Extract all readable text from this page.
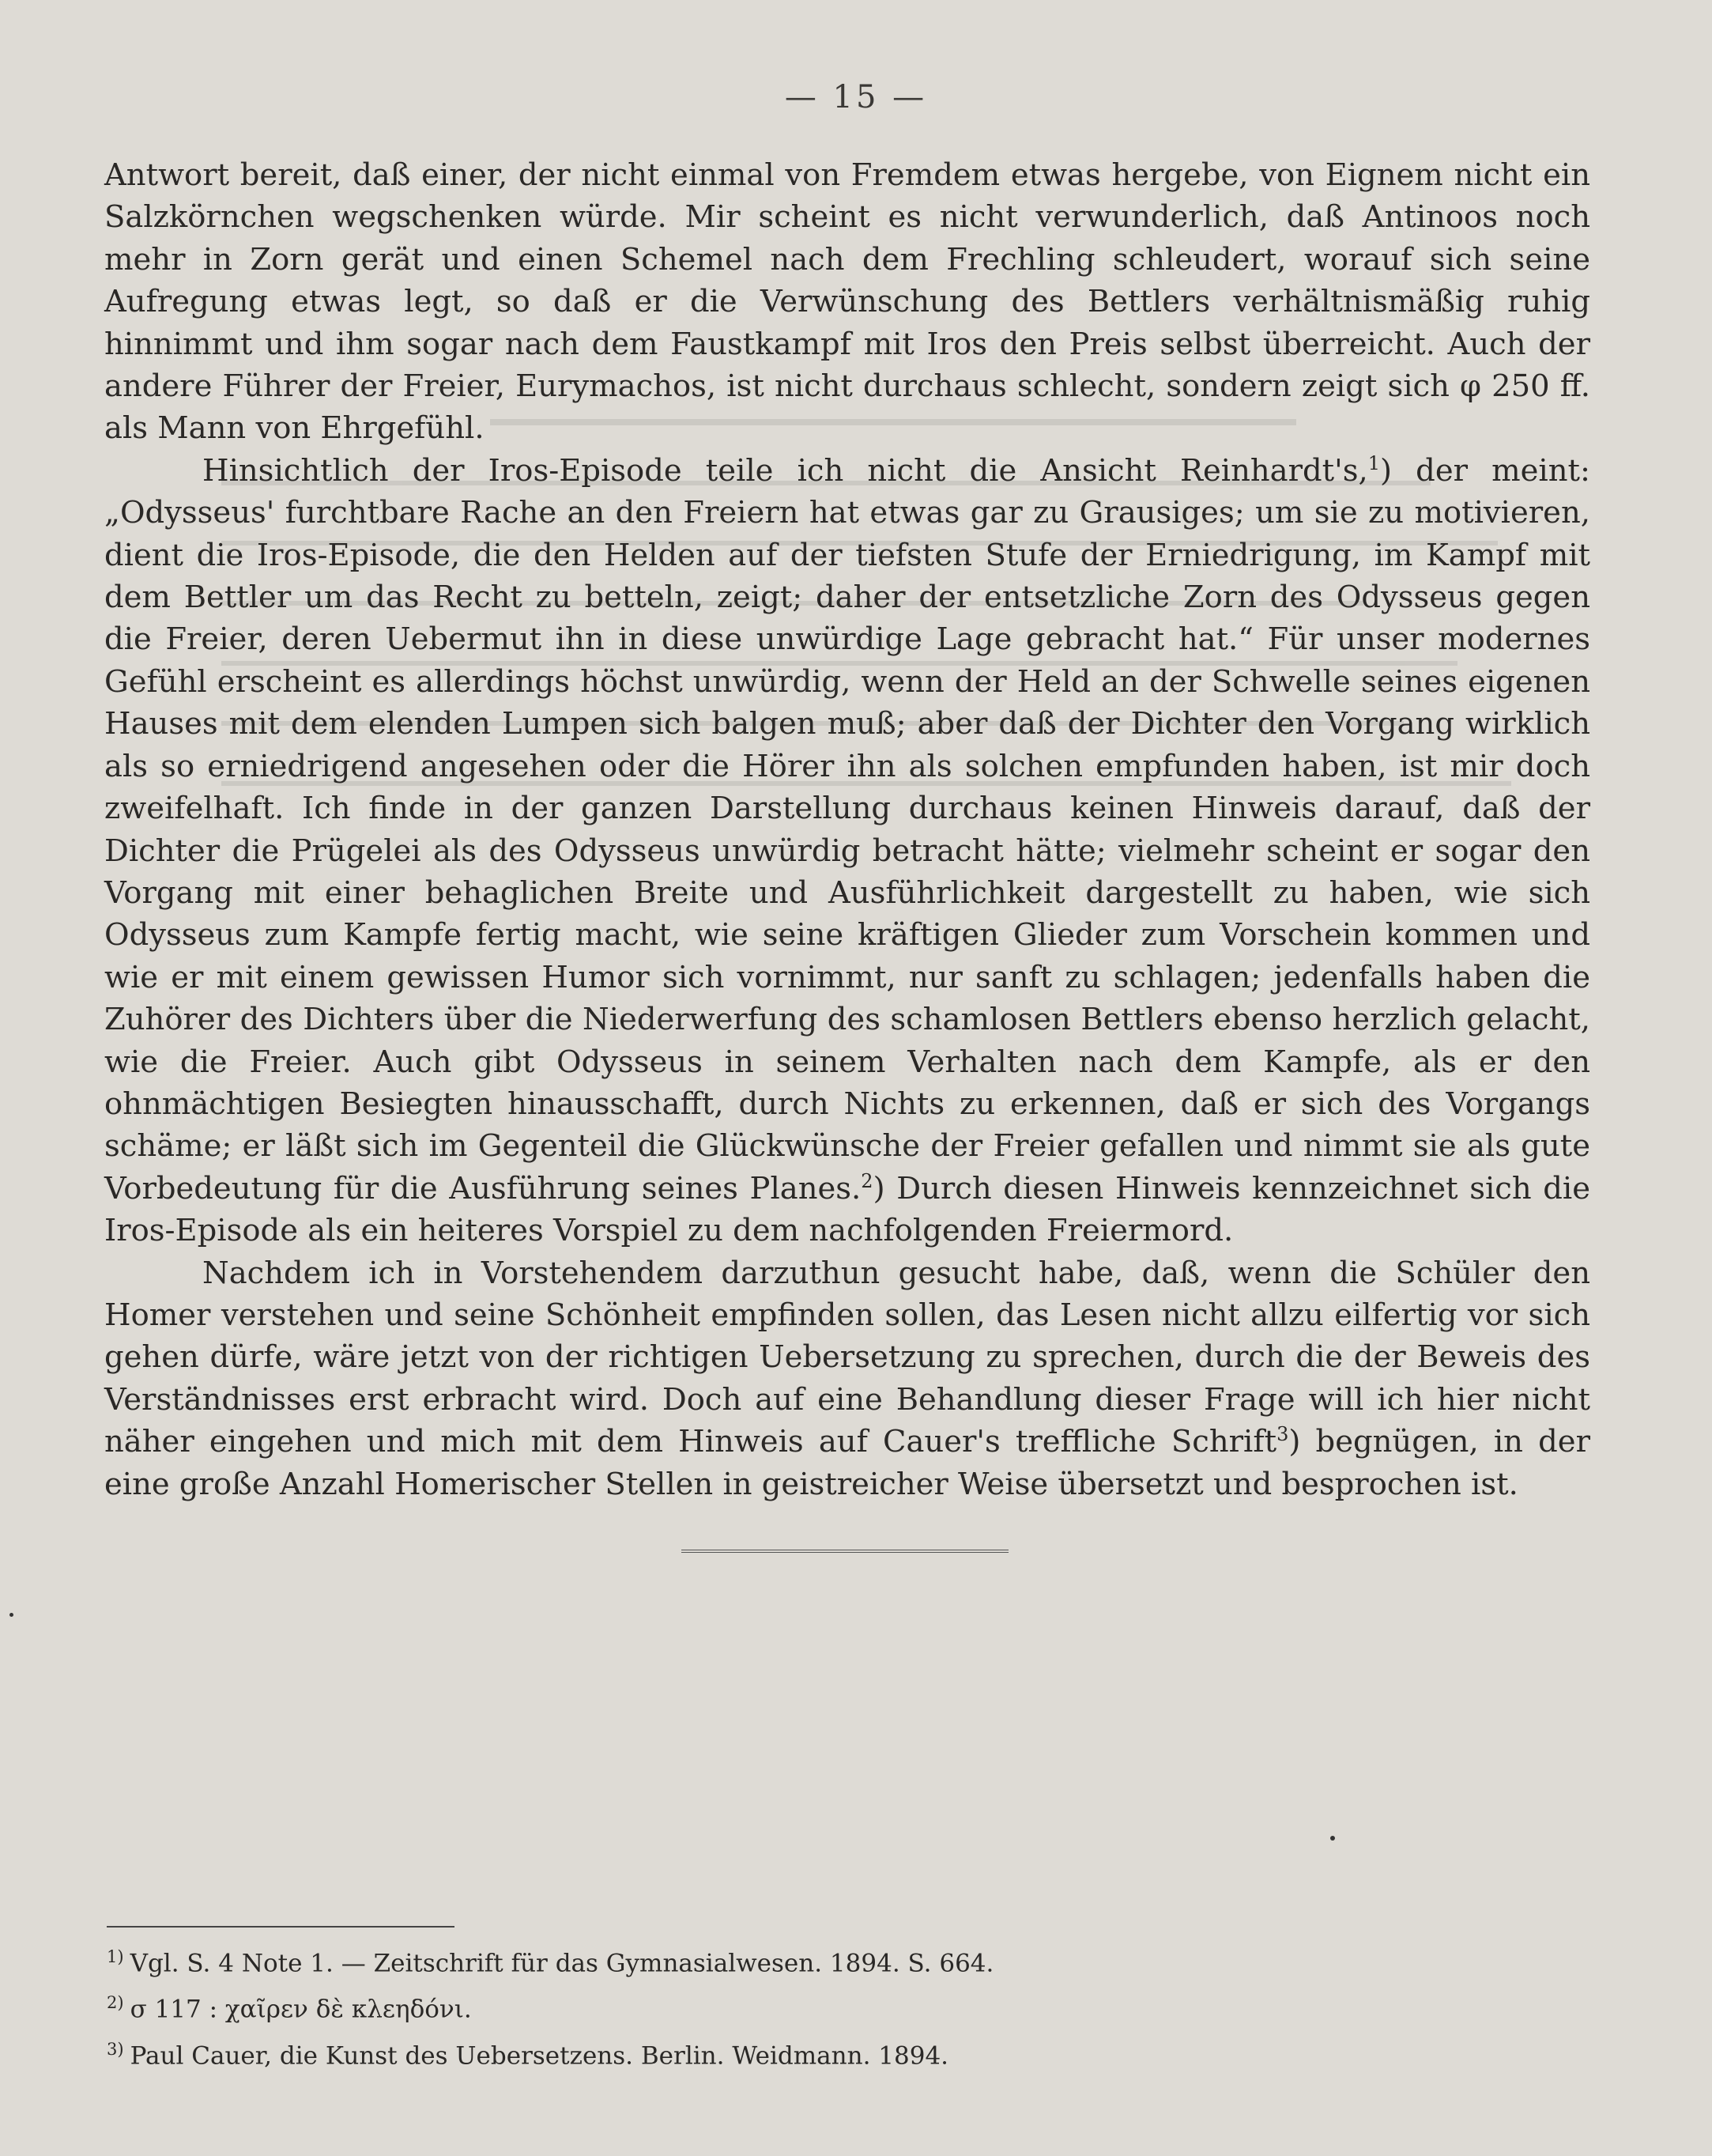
— 15 —

Antwort bereit, daß einer, der nicht einmal von Fremdem etwas hergebe, von Eignem nicht ein Salzkörnchen wegschenken würde. Mir scheint es nicht verwunderlich, daß Antinoos noch mehr in Zorn gerät und einen Schemel nach dem Frechling schleudert, worauf sich seine Aufregung etwas legt, so daß er die Verwünschung des Bettlers verhältnismäßig ruhig hinnimmt und ihm sogar nach dem Faustkampf mit Iros den Preis selbst überreicht. Auch der andere Führer der Freier, Eurymachos, ist nicht durchaus schlecht, sondern zeigt sich φ 250 ff. als Mann von Ehrgefühl.

Hinsichtlich der Iros-Episode teile ich nicht die Ansicht Reinhardt's,$^1$) der meint: „Odysseus' furchtbare Rache an den Freiern hat etwas gar zu Grausiges; um sie zu motivieren, dient die Iros-Episode, die den Helden auf der tiefsten Stufe der Erniedrigung, im Kampf mit dem Bettler um das Recht zu betteln, zeigt; daher der entsetzliche Zorn des Odysseus gegen die Freier, deren Uebermut ihn in diese unwürdige Lage gebracht hat.“ Für unser modernes Gefühl erscheint es allerdings höchst unwürdig, wenn der Held an der Schwelle seines eigenen Hauses mit dem elenden Lumpen sich balgen muß; aber daß der Dichter den Vorgang wirklich als so erniedrigend angesehen oder die Hörer ihn als solchen empfunden haben, ist mir doch zweifelhaft. Ich finde in der ganzen Darstellung durchaus keinen Hinweis darauf, daß der Dichter die Prügelei als des Odysseus unwürdig betracht hätte; vielmehr scheint er sogar den Vorgang mit einer behaglichen Breite und Ausführlichkeit dargestellt zu haben, wie sich Odysseus zum Kampfe fertig macht, wie seine kräftigen Glieder zum Vorschein kommen und wie er mit einem gewissen Humor sich vornimmt, nur sanft zu schlagen; jedenfalls haben die Zuhörer des Dichters über die Niederwerfung des schamlosen Bettlers ebenso herzlich gelacht, wie die Freier. Auch gibt Odysseus in seinem Verhalten nach dem Kampfe, als er den ohnmächtigen Besiegten hinausschafft, durch Nichts zu erkennen, daß er sich des Vorgangs schäme; er läßt sich im Gegenteil die Glückwünsche der Freier gefallen und nimmt sie als gute Vorbedeutung für die Ausführung seines Planes.$^2$) Durch diesen Hinweis kennzeichnet sich die Iros-Episode als ein heiteres Vorspiel zu dem nachfolgenden Freiermord.

Nachdem ich in Vorstehendem darzuthun gesucht habe, daß, wenn die Schüler den Homer verstehen und seine Schönheit empfinden sollen, das Lesen nicht allzu eilfertig vor sich gehen dürfe, wäre jetzt von der richtigen Uebersetzung zu sprechen, durch die der Beweis des Verständnisses erst erbracht wird. Doch auf eine Behandlung dieser Frage will ich hier nicht näher eingehen und mich mit dem Hinweis auf Cauer's treffliche Schrift$^3$) begnügen, in der eine große Anzahl Homerischer Stellen in geistreicher Weise übersetzt und besprochen ist.

$^{1)}$ Vgl. S. 4 Note 1. — Zeitschrift für das Gymnasialwesen. 1894. S. 664.
$^{2)}$ σ 117 : χαῖρεν δὲ κλεηδόνι.
$^{3)}$ Paul Cauer, die Kunst des Uebersetzens. Berlin. Weidmann. 1894.
